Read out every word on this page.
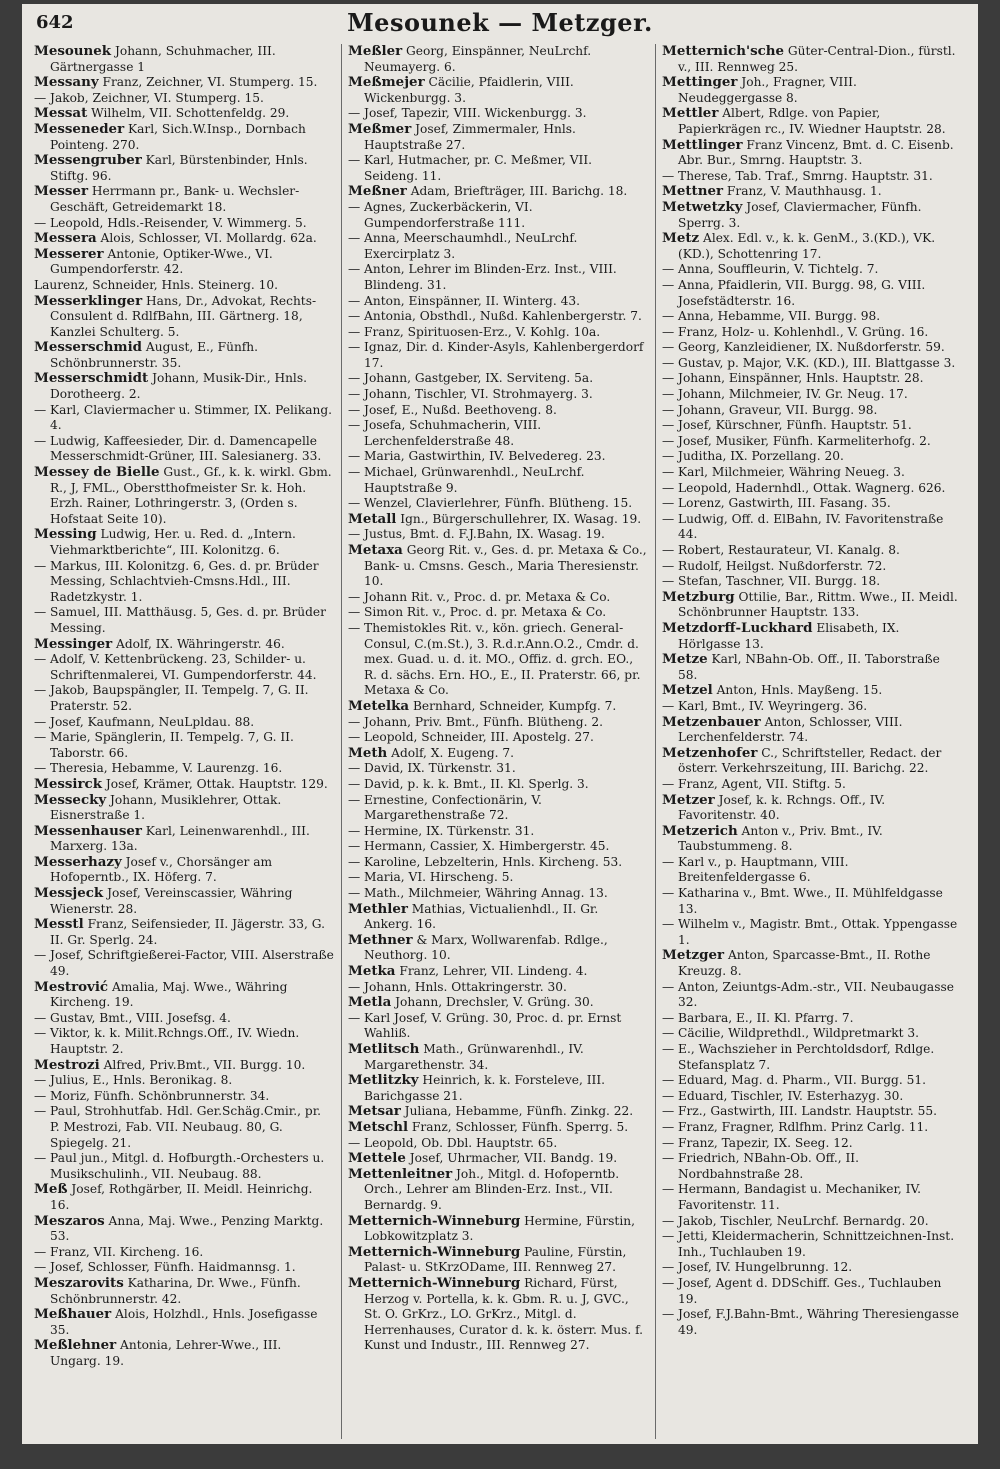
642	Mesounek — Metzger.

Mesounek Johann, Schuhmacher, III. Gärtnergasse 1

Messany Franz, Zeichner, VI. Stumperg. 15.

— Jakob, Zeichner, VI. Stumperg. 15.

Messat Wilhelm, VII. Schottenfeldg. 29.

Messeneder Karl, Sich.W.Insp., Dornbach Pointeng. 270.

Messengruber Karl, Bürstenbinder, Hnls. Stiftg. 96.

Messer Herrmann pr., Bank- u. Wechsler-Geschäft, Getreidemarkt 18.

— Leopold, Hdls.-Reisender, V. Wimmerg. 5.

Messera Alois, Schlosser, VI. Mollardg. 62a.

Messerer Antonie, Optiker-Wwe., VI. Gumpendorferstr. 42.

Laurenz, Schneider, Hnls. Steinerg. 10.

Messerklinger Hans, Dr., Advokat, Rechts-Consulent d. RdlfBahn, III. Gärtnerg. 18, Kanzlei Schulterg. 5.

Messerschmid August, E., Fünfh. Schönbrunnerstr. 35.

Messerschmidt Johann, Musik-Dir., Hnls. Dorotheerg. 2.

— Karl, Claviermacher u. Stimmer, IX. Pelikang. 4.

— Ludwig, Kaffeesieder, Dir. d. Damencapelle Messerschmidt-Grüner, III. Salesianerg. 33.

Messey de Bielle Gust., Gf., k. k. wirkl. Gbm. R., J, FML., Oberstthofmeister Sr. k. Hoh. Erzh. Rainer, Lothringerstr. 3, (Orden s. Hofstaat Seite 10).

Messing Ludwig, Her. u. Red. d. „Intern. Viehmarktberichte“, III. Kolonitzg. 6.

— Markus, III. Kolonitzg. 6, Ges. d. pr. Brüder Messing, Schlachtvieh-Cmsns.Hdl., III. Radetzkystr. 1.

— Samuel, III. Matthäusg. 5, Ges. d. pr. Brüder Messing.

Messinger Adolf, IX. Währingerstr. 46.

— Adolf, V. Kettenbrückeng. 23, Schilder- u. Schriftenmalerei, VI. Gumpendorferstr. 44.

— Jakob, Baupspängler, II. Tempelg. 7, G. II. Praterstr. 52.

— Josef, Kaufmann, NeuLpldau. 88.

— Marie, Spänglerin, II. Tempelg. 7, G. II. Taborstr. 66.

— Theresia, Hebamme, V. Laurenzg. 16.

Messirck Josef, Krämer, Ottak. Hauptstr. 129.

Messecky Johann, Musiklehrer, Ottak. Eisnerstraße 1.

Messenhauser Karl, Leinenwarenhdl., III. Marxerg. 13a.

Messerhazy Josef v., Chorsänger am Hofoperntb., IX. Höferg. 7.

Messjeck Josef, Vereinscassier, Währing Wienerstr. 28.

Messtl Franz, Seifensieder, II. Jägerstr. 33, G. II. Gr. Sperlg. 24.

— Josef, Schriftgießerei-Factor, VIII. Alserstraße 49.

Mestrović Amalia, Maj. Wwe., Währing Kircheng. 19.

— Gustav, Bmt., VIII. Josefsg. 4.

— Viktor, k. k. Milit.Rchngs.Off., IV. Wiedn. Hauptstr. 2.

Mestrozi Alfred, Priv.Bmt., VII. Burgg. 10.

— Julius, E., Hnls. Beronikag. 8.

— Moriz, Fünfh. Schönbrunnerstr. 34.

— Paul, Strohhutfab. Hdl. Ger.Schäg.Cmir., pr. P. Mestrozi, Fab. VII. Neubaug. 80, G. Spiegelg. 21.

— Paul jun., Mitgl. d. Hofburgth.-Orchesters u. Musikschulinh., VII. Neubaug. 88.

Meß Josef, Rothgärber, II. Meidl. Heinrichg. 16.

Meszaros Anna, Maj. Wwe., Penzing Marktg. 53.

— Franz, VII. Kircheng. 16.

— Josef, Schlosser, Fünfh. Haidmannsg. 1.

Meszarovits Katharina, Dr. Wwe., Fünfh. Schönbrunnerstr. 42.

Meßhauer Alois, Holzhdl., Hnls. Josefigasse 35.

Meßlehner Antonia, Lehrer-Wwe., III. Ungarg. 19.

Meßler Georg, Einspänner, NeuLrchf. Neumayerg. 6.

Meßmejer Cäcilie, Pfaidlerin, VIII. Wickenburgg. 3.

— Josef, Tapezir, VIII. Wickenburgg. 3.

Meßmer Josef, Zimmermaler, Hnls. Hauptstraße 27.

— Karl, Hutmacher, pr. C. Meßmer, VII. Seideng. 11.

Meßner Adam, Briefträger, III. Barichg. 18.

— Agnes, Zuckerbäckerin, VI. Gumpendorferstraße 111.

— Anna, Meerschaumhdl., NeuLrchf. Exercirplatz 3.

— Anton, Lehrer im Blinden-Erz. Inst., VIII. Blindeng. 31.

— Anton, Einspänner, II. Winterg. 43.

— Antonia, Obsthdl., Nußd. Kahlenbergerstr. 7.

— Franz, Spirituosen-Erz., V. Kohlg. 10a.

— Ignaz, Dir. d. Kinder-Asyls, Kahlenbergerdorf 17.

— Johann, Gastgeber, IX. Serviteng. 5a.

— Johann, Tischler, VI. Strohmayerg. 3.

— Josef, E., Nußd. Beethoveng. 8.

— Josefa, Schuhmacherin, VIII. Lerchenfelderstraße 48.

— Maria, Gastwirthin, IV. Belvedereg. 23.

— Michael, Grünwarenhdl., NeuLrchf. Hauptstraße 9.

— Wenzel, Clavierlehrer, Fünfh. Blütheng. 15.

Metall Ign., Bürgerschullehrer, IX. Wasag. 19.

— Justus, Bmt. d. F.J.Bahn, IX. Wasag. 19.

Metaxa Georg Rit. v., Ges. d. pr. Metaxa & Co., Bank- u. Cmsns. Gesch., Maria Theresienstr. 10.

— Johann Rit. v., Proc. d. pr. Metaxa & Co.

— Simon Rit. v., Proc. d. pr. Metaxa & Co.

— Themistokles Rit. v., kön. griech. General-Consul, C.(m.St.), 3. R.d.r.Ann.O.2., Cmdr. d. mex. Guad. u. d. it. MO., Offiz. d. grch. EO., R. d. sächs. Ern. HO., E., II. Praterstr. 66, pr. Metaxa & Co.

Metelka Bernhard, Schneider, Kumpfg. 7.

— Johann, Priv. Bmt., Fünfh. Blütheng. 2.

— Leopold, Schneider, III. Apostelg. 27.

Meth Adolf, X. Eugeng. 7.

— David, IX. Türkenstr. 31.

— David, p. k. k. Bmt., II. Kl. Sperlg. 3.

— Ernestine, Confectionärin, V. Margarethenstraße 72.

— Hermine, IX. Türkenstr. 31.

— Hermann, Cassier, X. Himbergerstr. 45.

— Karoline, Lebzelterin, Hnls. Kircheng. 53.

— Maria, VI. Hirscheng. 5.

— Math., Milchmeier, Währing Annag. 13.

Methler Mathias, Victualienhdl., II. Gr. Ankerg. 16.

Methner & Marx, Wollwarenfab. Rdlge., Neuthorg. 10.

Metka Franz, Lehrer, VII. Lindeng. 4.

— Johann, Hnls. Ottakringerstr. 30.

Metla Johann, Drechsler, V. Grüng. 30.

— Karl Josef, V. Grüng. 30, Proc. d. pr. Ernst Wahliß.

Metlitsch Math., Grünwarenhdl., IV. Margarethenstr. 34.

Metlitzky Heinrich, k. k. Forsteleve, III. Barichgasse 21.

Metsar Juliana, Hebamme, Fünfh. Zinkg. 22.

Metschl Franz, Schlosser, Fünfh. Sperrg. 5.

— Leopold, Ob. Dbl. Hauptstr. 65.

Mettele Josef, Uhrmacher, VII. Bandg. 19.

Mettenleitner Joh., Mitgl. d. Hofoperntb. Orch., Lehrer am Blinden-Erz. Inst., VII. Bernardg. 9.

Metternich-Winneburg Hermine, Fürstin, Lobkowitzplatz 3.

Metternich-Winneburg Pauline, Fürstin, Palast- u. StKrzODame, III. Rennweg 27.

Metternich-Winneburg Richard, Fürst, Herzog v. Portella, k. k. Gbm. R. u. J, GVC., St. O. GrKrz., LO. GrKrz., Mitgl. d. Herrenhauses, Curator d. k. k. österr. Mus. f. Kunst und Industr., III. Rennweg 27.

Metternich'sche Güter-Central-Dion., fürstl. v., III. Rennweg 25.

Mettinger Joh., Fragner, VIII. Neudeggergasse 8.

Mettler Albert, Rdlge. von Papier, Papierkrägen rc., IV. Wiedner Hauptstr. 28.

Mettlinger Franz Vincenz, Bmt. d. C. Eisenb. Abr. Bur., Smrng. Hauptstr. 3.

— Therese, Tab. Traf., Smrng. Hauptstr. 31.

Mettner Franz, V. Mauthhausg. 1.

Metwetzky Josef, Claviermacher, Fünfh. Sperrg. 3.

Metz Alex. Edl. v., k. k. GenM., 3.(KD.), VK. (KD.), Schottenring 17.

— Anna, Souffleurin, V. Tichtelg. 7.

— Anna, Pfaidlerin, VII. Burgg. 98, G. VIII. Josefstädterstr. 16.

— Anna, Hebamme, VII. Burgg. 98.

— Franz, Holz- u. Kohlenhdl., V. Grüng. 16.

— Georg, Kanzleidiener, IX. Nußdorferstr. 59.

— Gustav, p. Major, V.K. (KD.), III. Blattgasse 3.

— Johann, Einspänner, Hnls. Hauptstr. 28.

— Johann, Milchmeier, IV. Gr. Neug. 17.

— Johann, Graveur, VII. Burgg. 98.

— Josef, Kürschner, Fünfh. Hauptstr. 51.

— Josef, Musiker, Fünfh. Karmeliterhofg. 2.

— Juditha, IX. Porzellang. 20.

— Karl, Milchmeier, Währing Neueg. 3.

— Leopold, Hadernhdl., Ottak. Wagnerg. 626.

— Lorenz, Gastwirth, III. Fasang. 35.

— Ludwig, Off. d. ElBahn, IV. Favoritenstraße 44.

— Robert, Restaurateur, VI. Kanalg. 8.

— Rudolf, Heilgst. Nußdorferstr. 72.

— Stefan, Taschner, VII. Burgg. 18.

Metzburg Ottilie, Bar., Rittm. Wwe., II. Meidl. Schönbrunner Hauptstr. 133.

Metzdorff-Luckhard Elisabeth, IX. Hörlgasse 13.

Metze Karl, NBahn-Ob. Off., II. Taborstraße 58.

Metzel Anton, Hnls. Mayßeng. 15.

— Karl, Bmt., IV. Weyringerg. 36.

Metzenbauer Anton, Schlosser, VIII. Lerchenfelderstr. 74.

Metzenhofer C., Schriftsteller, Redact. der österr. Verkehrszeitung, III. Barichg. 22.

— Franz, Agent, VII. Stiftg. 5.

Metzer Josef, k. k. Rchngs. Off., IV. Favoritenstr. 40.

Metzerich Anton v., Priv. Bmt., IV. Taubstummeng. 8.

— Karl v., p. Hauptmann, VIII. Breitenfeldergasse 6.

— Katharina v., Bmt. Wwe., II. Mühlfeldgasse 13.

— Wilhelm v., Magistr. Bmt., Ottak. Yppengasse 1.

Metzger Anton, Sparcasse-Bmt., II. Rothe Kreuzg. 8.

— Anton, Zeiuntgs-Adm.-str., VII. Neubaugasse 32.

— Barbara, E., II. Kl. Pfarrg. 7.

— Cäcilie, Wildprethdl., Wildpretmarkt 3.

— E., Wachszieher in Perchtoldsdorf, Rdlge. Stefansplatz 7.

— Eduard, Mag. d. Pharm., VII. Burgg. 51.

— Eduard, Tischler, IV. Esterhazyg. 30.

— Frz., Gastwirth, III. Landstr. Hauptstr. 55.

— Franz, Fragner, Rdlfhm. Prinz Carlg. 11.

— Franz, Tapezir, IX. Seeg. 12.

— Friedrich, NBahn-Ob. Off., II. Nordbahnstraße 28.

— Hermann, Bandagist u. Mechaniker, IV. Favoritenstr. 11.

— Jakob, Tischler, NeuLrchf. Bernardg. 20.

— Jetti, Kleidermacherin, Schnittzeichnen-Inst. Inh., Tuchlauben 19.

— Josef, IV. Hungelbrunng. 12.

— Josef, Agent d. DDSchiff. Ges., Tuchlauben 19.

— Josef, F.J.Bahn-Bmt., Währing Theresiengasse 49.
